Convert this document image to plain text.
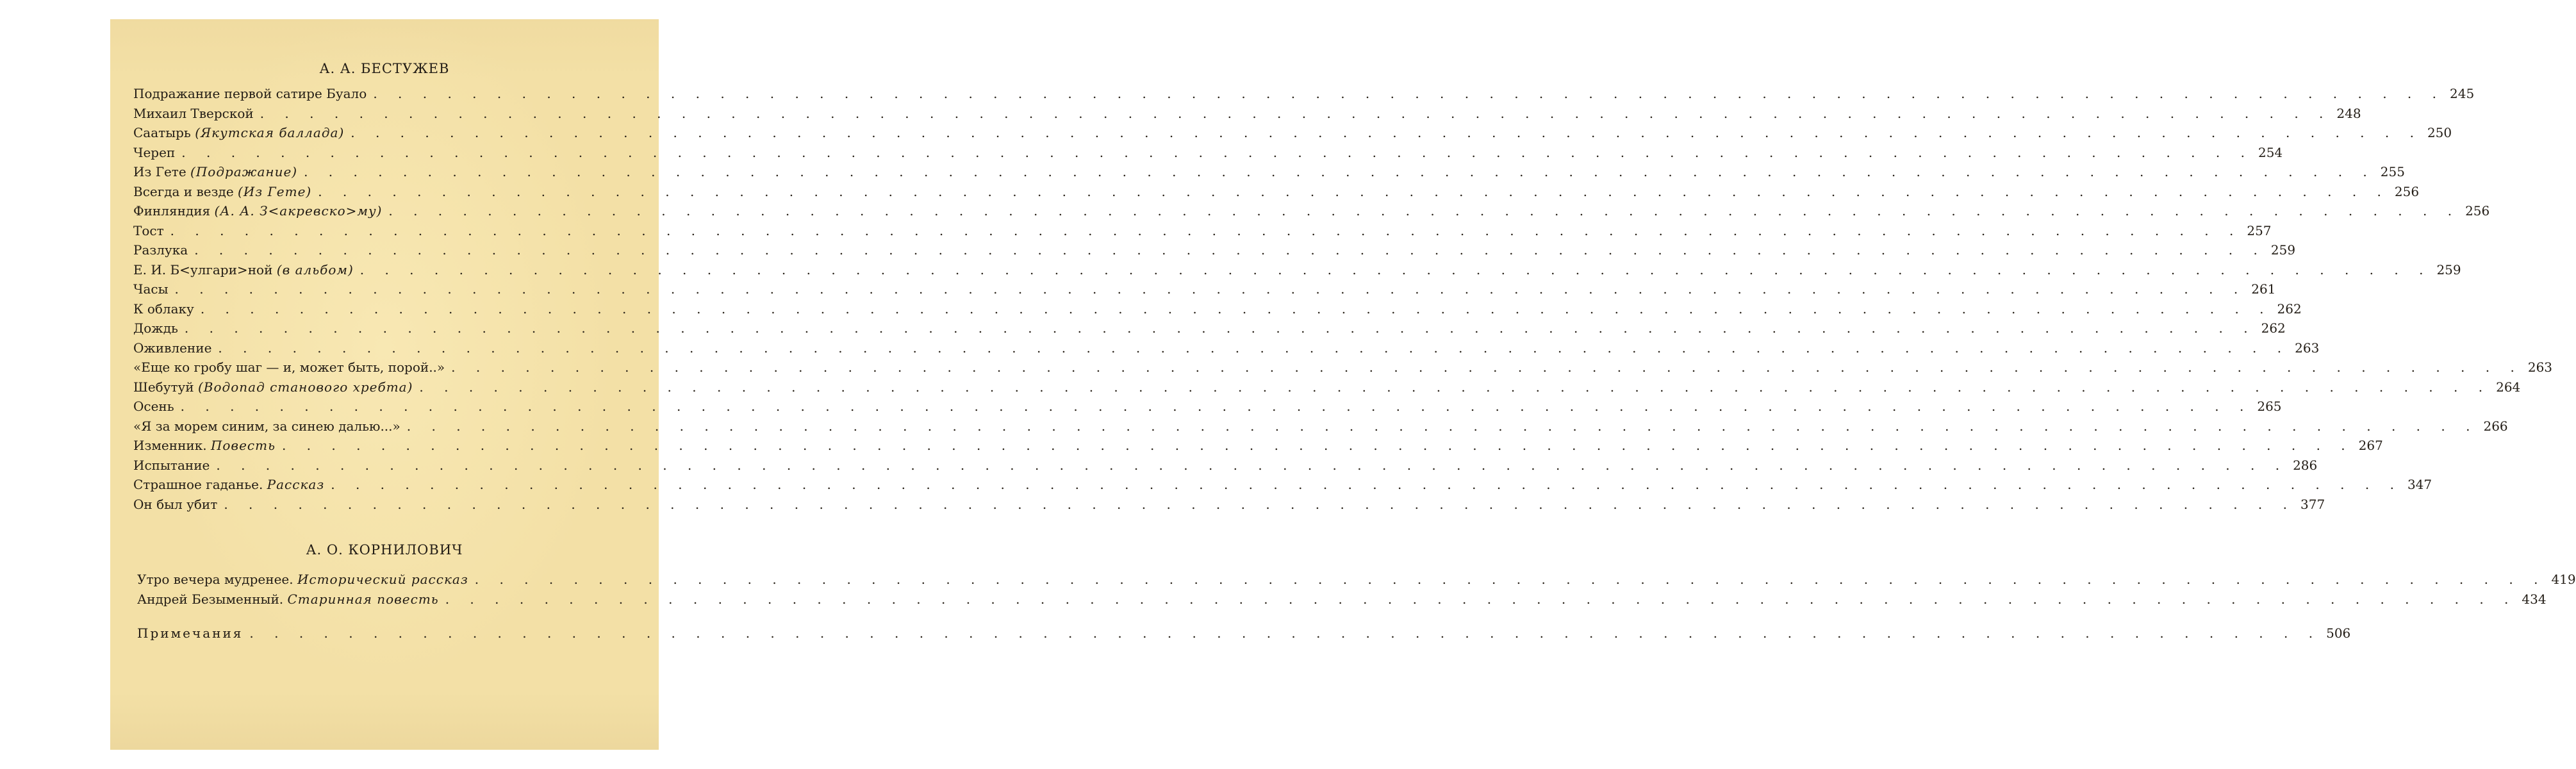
А. А. БЕСТУЖЕВ
Подражание первой сатире Буало . . . . . . . . . . . . . . . . . . . . . . . . . . . . . . . . . . . . . . . . . . . . . . . . . . . . . . . . . . . . . . . . . . . . . . . . . . . . . . . . . . . . 245
Михаил Тверской . . . . . . . . . . . . . . . . . . . . . . . . . . . . . . . . . . . . . . . . . . . . . . . . . . . . . . . . . . . . . . . . . . . . . . . . . . . . . . . . . . . . 248
Саатырь
(Якутская баллада) . . . . . . . . . . . . . . . . . . . . . . . . . . . . . . . . . . . . . . . . . . . . . . . . . . . . . . . . . . . . . . . . . . . . . . . . . . . . . . . . . . . . 250
Череп . . . . . . . . . . . . . . . . . . . . . . . . . . . . . . . . . . . . . . . . . . . . . . . . . . . . . . . . . . . . . . . . . . . . . . . . . . . . . . . . . . . . 254
Из Гете
(Подражание) . . . . . . . . . . . . . . . . . . . . . . . . . . . . . . . . . . . . . . . . . . . . . . . . . . . . . . . . . . . . . . . . . . . . . . . . . . . . . . . . . . . . 255
Всегда и везде
(Из Гете) . . . . . . . . . . . . . . . . . . . . . . . . . . . . . . . . . . . . . . . . . . . . . . . . . . . . . . . . . . . . . . . . . . . . . . . . . . . . . . . . . . . . 256
Финляндия
(А. А. З<акревско>му) . . . . . . . . . . . . . . . . . . . . . . . . . . . . . . . . . . . . . . . . . . . . . . . . . . . . . . . . . . . . . . . . . . . . . . . . . . . . . . . . . . . . 256
Тост . . . . . . . . . . . . . . . . . . . . . . . . . . . . . . . . . . . . . . . . . . . . . . . . . . . . . . . . . . . . . . . . . . . . . . . . . . . . . . . . . . . . 257
Разлука . . . . . . . . . . . . . . . . . . . . . . . . . . . . . . . . . . . . . . . . . . . . . . . . . . . . . . . . . . . . . . . . . . . . . . . . . . . . . . . . . . . . 259
Е. И. Б<улгари>ной
(в альбом) . . . . . . . . . . . . . . . . . . . . . . . . . . . . . . . . . . . . . . . . . . . . . . . . . . . . . . . . . . . . . . . . . . . . . . . . . . . . . . . . . . . . 259
Часы . . . . . . . . . . . . . . . . . . . . . . . . . . . . . . . . . . . . . . . . . . . . . . . . . . . . . . . . . . . . . . . . . . . . . . . . . . . . . . . . . . . . 261
К облаку . . . . . . . . . . . . . . . . . . . . . . . . . . . . . . . . . . . . . . . . . . . . . . . . . . . . . . . . . . . . . . . . . . . . . . . . . . . . . . . . . . . . 262
Дождь . . . . . . . . . . . . . . . . . . . . . . . . . . . . . . . . . . . . . . . . . . . . . . . . . . . . . . . . . . . . . . . . . . . . . . . . . . . . . . . . . . . . 262
Оживление . . . . . . . . . . . . . . . . . . . . . . . . . . . . . . . . . . . . . . . . . . . . . . . . . . . . . . . . . . . . . . . . . . . . . . . . . . . . . . . . . . . . 263
«Еще ко гробу шаг — и, может быть, порой..» . . . . . . . . . . . . . . . . . . . . . . . . . . . . . . . . . . . . . . . . . . . . . . . . . . . . . . . . . . . . . . . . . . . . . . . . . . . . . . . . . . . . 263
Шебутуй
(Водопад станового хребта) . . . . . . . . . . . . . . . . . . . . . . . . . . . . . . . . . . . . . . . . . . . . . . . . . . . . . . . . . . . . . . . . . . . . . . . . . . . . . . . . . . . . 264
Осень . . . . . . . . . . . . . . . . . . . . . . . . . . . . . . . . . . . . . . . . . . . . . . . . . . . . . . . . . . . . . . . . . . . . . . . . . . . . . . . . . . . . 265
«Я за морем синим, за синею далью...» . . . . . . . . . . . . . . . . . . . . . . . . . . . . . . . . . . . . . . . . . . . . . . . . . . . . . . . . . . . . . . . . . . . . . . . . . . . . . . . . . . . . 266
Изменник.
Повесть . . . . . . . . . . . . . . . . . . . . . . . . . . . . . . . . . . . . . . . . . . . . . . . . . . . . . . . . . . . . . . . . . . . . . . . . . . . . . . . . . . . . 267
Испытание . . . . . . . . . . . . . . . . . . . . . . . . . . . . . . . . . . . . . . . . . . . . . . . . . . . . . . . . . . . . . . . . . . . . . . . . . . . . . . . . . . . . 286
Страшное гаданье.
Рассказ . . . . . . . . . . . . . . . . . . . . . . . . . . . . . . . . . . . . . . . . . . . . . . . . . . . . . . . . . . . . . . . . . . . . . . . . . . . . . . . . . . . . 347
Он был убит . . . . . . . . . . . . . . . . . . . . . . . . . . . . . . . . . . . . . . . . . . . . . . . . . . . . . . . . . . . . . . . . . . . . . . . . . . . . . . . . . . . . 377
А. О. КОРНИЛОВИЧ
Утро вечера мудренее.
Исторический рассказ . . . . . . . . . . . . . . . . . . . . . . . . . . . . . . . . . . . . . . . . . . . . . . . . . . . . . . . . . . . . . . . . . . . . . . . . . . . . . . . . . . . . 419
Андрей Безыменный.
Старинная повесть . . . . . . . . . . . . . . . . . . . . . . . . . . . . . . . . . . . . . . . . . . . . . . . . . . . . . . . . . . . . . . . . . . . . . . . . . . . . . . . . . . . . 434
Примечания . . . . . . . . . . . . . . . . . . . . . . . . . . . . . . . . . . . . . . . . . . . . . . . . . . . . . . . . . . . . . . . . . . . . . . . . . . . . . . . . . . . . 506
